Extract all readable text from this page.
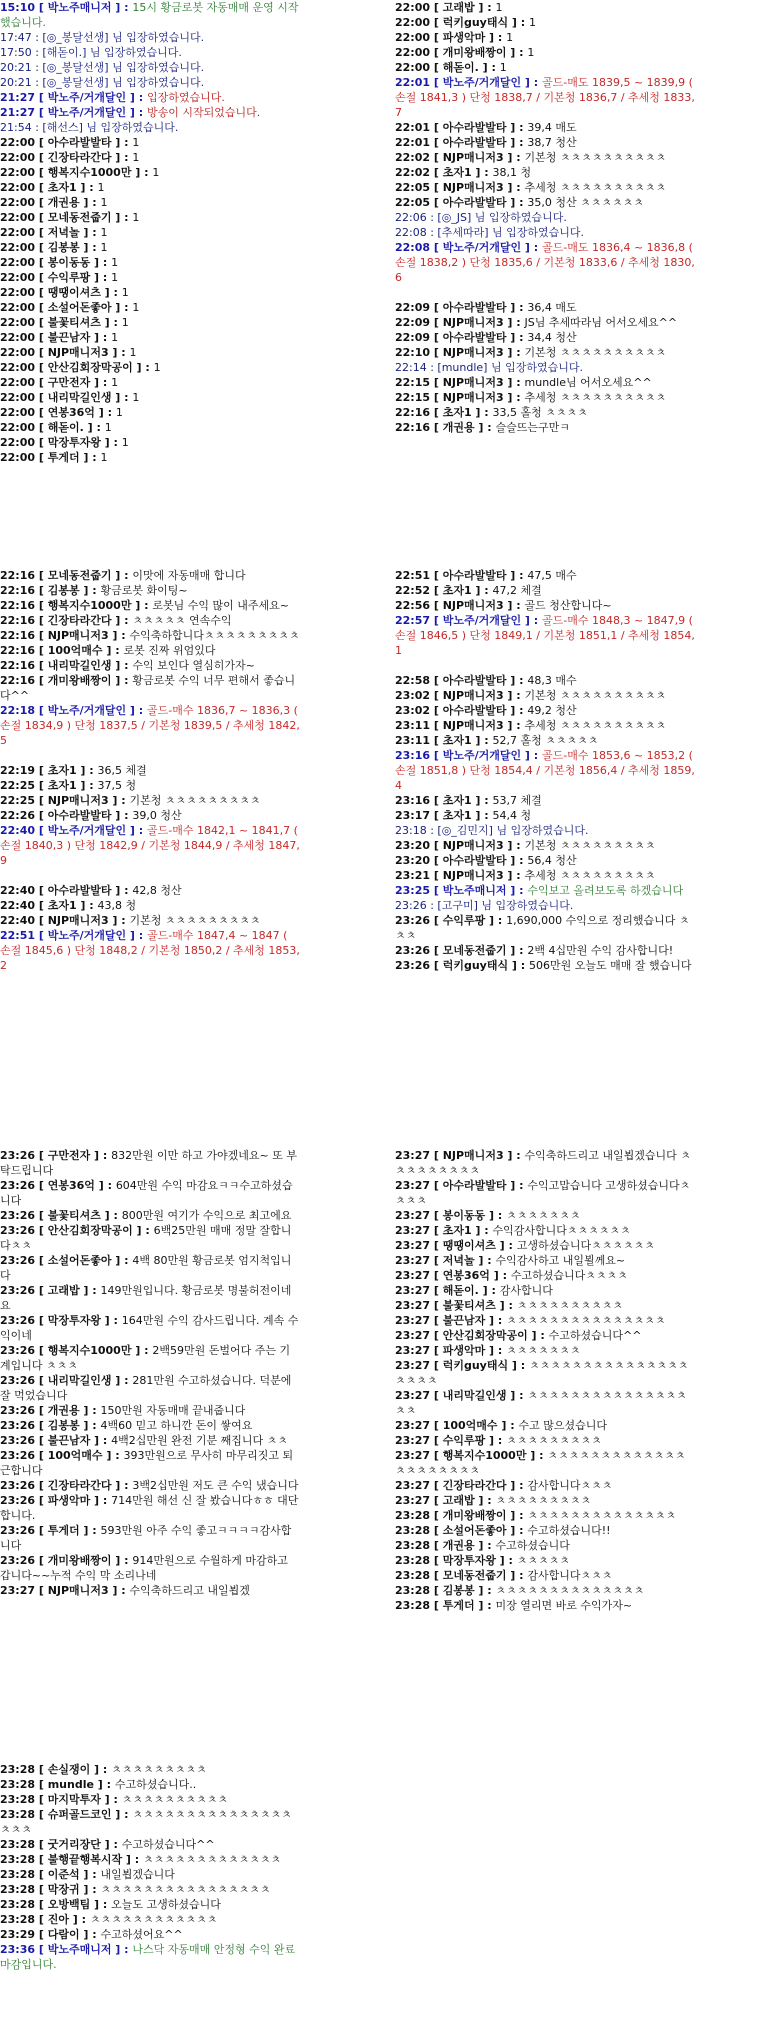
15:10 [ 박노주매니저 ] : 15시 황금로봇 자동매매 운영 시작했습니다.
17:47 : [◎_봉달선생] 님 입장하였습니다.
17:50 : [해돋이.] 님 입장하였습니다.
20:21 : [◎_봉달선생] 님 입장하였습니다.
20:21 : [◎_봉달선생] 님 입장하였습니다.
21:27 [ 박노주/거개달인 ] : 입장하였습니다.
21:27 [ 박노주/거개달인 ] : 방송이 시작되었습니다.
21:54 : [해선스] 님 입장하였습니다.
22:00 [ 아수라발발타 ] : 1
22:00 [ 긴장타라간다 ] : 1
22:00 [ 행복지수1000만 ] : 1
22:00 [ 초자1 ] : 1
22:00 [ 개권용 ] : 1
22:00 [ 모네동전줍기 ] : 1
22:00 [ 저녁놀 ] : 1
22:00 [ 김봉봉 ] : 1
22:00 [ 봉이동동 ] : 1
22:00 [ 수익루팡 ] : 1
22:00 [ 땡땡이셔츠 ] : 1
22:00 [ 소설어돈좋아 ] : 1
22:00 [ 불꽃티셔츠 ] : 1
22:00 [ 불끈남자 ] : 1
22:00 [ NJP매니저3 ] : 1
22:00 [ 안산김회장막공이 ] : 1
22:00 [ 구만전자 ] : 1
22:00 [ 내리막길인생 ] : 1
22:00 [ 연봉36억 ] : 1
22:00 [ 해돋이. ] : 1
22:00 [ 막장투자왕 ] : 1
22:00 [ 투게더 ] : 1
22:00 [ 고래밥 ] : 1
22:00 [ 럭키guy태식 ] : 1
22:00 [ 파생악마 ] : 1
22:00 [ 개미왕배짱이 ] : 1
22:00 [ 해돋이. ] : 1
22:01 [ 박노주/거개달인 ] : 골드-매도 1839,5 ~ 1839,9 ( 손절 1841,3 ) 단청 1838,7 / 기본청 1836,7 / 추세청 1833,7
22:01 [ 아수라발발타 ] : 39,4 매도
22:01 [ 아수라발발타 ] : 38,7 청산
22:02 [ NJP매니저3 ] : 기본청 ㅊㅊㅊㅊㅊㅊㅊㅊㅊㅊ
22:02 [ 초자1 ] : 38,1 청
22:05 [ NJP매니저3 ] : 추세청 ㅊㅊㅊㅊㅊㅊㅊㅊㅊㅊ
22:05 [ 아수라발발타 ] : 35,0 청산 ㅊㅊㅊㅊㅊㅊ
22:06 : [◎_JS] 님 입장하였습니다.
22:08 : [추세따라] 님 입장하였습니다.
22:08 [ 박노주/거개달인 ] : 골드-매도 1836,4 ~ 1836,8 ( 손절 1838,2 ) 단청 1835,6 / 기본청 1833,6 / 추세청 1830,6
22:09 [ 아수라발발타 ] : 36,4 매도
22:09 [ NJP매니저3 ] : JS님 추세따라님 어서오세요^^
22:09 [ 아수라발발타 ] : 34,4 청산
22:10 [ NJP매니저3 ] : 기본청 ㅊㅊㅊㅊㅊㅊㅊㅊㅊㅊ
22:14 : [mundle] 님 입장하였습니다.
22:15 [ NJP매니저3 ] : mundle님 어서오세요^^
22:15 [ NJP매니저3 ] : 추세청 ㅊㅊㅊㅊㅊㅊㅊㅊㅊㅊ
22:16 [ 초자1 ] : 33,5 홀청 ㅊㅊㅊㅊ
22:16 [ 개권용 ] : 슬슬뜨는구만ㅋ
22:16 [ 모네동전줍기 ] : 이맛에 자동매매 합니다
22:16 [ 김봉봉 ] : 황금로봇 화이팅~
22:16 [ 행복지수1000만 ] : 로봇님 수익 많이 내주세요~
22:16 [ 긴장타라간다 ] : ㅊㅊㅊㅊㅊ 연속수익
22:16 [ NJP매니저3 ] : 수익축하합니다ㅊㅊㅊㅊㅊㅊㅊㅊㅊ
22:16 [ 100억매수 ] : 로봇 진짜 위엄있다
22:16 [ 내리막길인생 ] : 수익 보인다 열심히가자~
22:16 [ 개미왕배짱이 ] : 황금로봇 수익 너무 편해서 좋습니다^^
22:18 [ 박노주/거개달인 ] : 골드-매수 1836,7 ~ 1836,3 ( 손절 1834,9 ) 단청 1837,5 / 기본청 1839,5 / 추세청 1842,5
22:19 [ 초자1 ] : 36,5 체결
22:25 [ 초자1 ] : 37,5 청
22:25 [ NJP매니저3 ] : 기본청 ㅊㅊㅊㅊㅊㅊㅊㅊㅊ
22:26 [ 아수라발발타 ] : 39,0 청산
22:40 [ 박노주/거개달인 ] : 골드-매수 1842,1 ~ 1841,7 ( 손절 1840,3 ) 단청 1842,9 / 기본청 1844,9 / 추세청 1847,9
22:40 [ 아수라발발타 ] : 42,8 청산
22:40 [ 초자1 ] : 43,8 청
22:40 [ NJP매니저3 ] : 기본청 ㅊㅊㅊㅊㅊㅊㅊㅊㅊ
22:51 [ 박노주/거개달인 ] : 골드-매수 1847,4 ~ 1847 ( 손절 1845,6 ) 단청 1848,2 / 기본청 1850,2 / 추세청 1853,2
22:51 [ 아수라발발타 ] : 47,5 매수
22:52 [ 초자1 ] : 47,2 체결
22:56 [ NJP매니저3 ] : 골드 청산합니다~
22:57 [ 박노주/거개달인 ] : 골드-매수 1848,3 ~ 1847,9 ( 손절 1846,5 ) 단청 1849,1 / 기본청 1851,1 / 추세청 1854,1
22:58 [ 아수라발발타 ] : 48,3 매수
23:02 [ NJP매니저3 ] : 기본청 ㅊㅊㅊㅊㅊㅊㅊㅊㅊㅊ
23:02 [ 아수라발발타 ] : 49,2 청산
23:11 [ NJP매니저3 ] : 추세청 ㅊㅊㅊㅊㅊㅊㅊㅊㅊㅊ
23:11 [ 초자1 ] : 52,7 홀청 ㅊㅊㅊㅊㅊ
23:16 [ 박노주/거개달인 ] : 골드-매수 1853,6 ~ 1853,2 ( 손절 1851,8 ) 단청 1854,4 / 기본청 1856,4 / 추세청 1859,4
23:16 [ 초자1 ] : 53,7 체결
23:17 [ 초자1 ] : 54,4 청
23:18 : [◎_김민지] 님 입장하였습니다.
23:20 [ NJP매니저3 ] : 기본청 ㅊㅊㅊㅊㅊㅊㅊㅊㅊ
23:20 [ 아수라발발타 ] : 56,4 청산
23:21 [ NJP매니저3 ] : 추세청 ㅊㅊㅊㅊㅊㅊㅊㅊㅊ
23:25 [ 박노주매니저 ] : 수익보고 올려보도록 하겠습니다
23:26 : [고구미] 님 입장하였습니다.
23:26 [ 수익루팡 ] : 1,690,000 수익으로 정리했습니다 ㅊㅊㅊ
23:26 [ 모네동전줍기 ] : 2백 4십만원 수익 감사합니다!
23:26 [ 럭키guy태식 ] : 506만원 오늘도 매매 잘 했습니다
23:26 [ 구만전자 ] : 832만원 이만 하고 가야겠네요~ 또 부탁드립니다
23:26 [ 연봉36억 ] : 604만원 수익 마감요ㅋㅋ수고하셨습니다
23:26 [ 불꽃티셔츠 ] : 800만원 여기가 수익으로 최고에요
23:26 [ 안산김회장막공이 ] : 6백25만원 매매 정말 잘합니다ㅊㅊ
23:26 [ 소설어돈좋아 ] : 4백 80만원 황금로봇 엄지척입니다
23:26 [ 고래밥 ] : 149만원입니다. 황금로봇 명불허전이네요
23:26 [ 막장투자왕 ] : 164만원 수익 감사드립니다. 계속 수익이네
23:26 [ 행복지수1000만 ] : 2백59만원 돈벌어다 주는 기계입니다 ㅊㅊㅊ
23:26 [ 내리막길인생 ] : 281만원 수고하셨습니다. 덕분에 잘 먹었습니다
23:26 [ 개권용 ] : 150만원 자동매매 끝내줍니다
23:26 [ 김봉봉 ] : 4백60 믿고 하니깐 돈이 쌓여요
23:26 [ 불끈남자 ] : 4백2십만원 완전 기분 째집니다 ㅊㅊ
23:26 [ 100억매수 ] : 393만원으로 무사히 마무리짓고 퇴근합니다
23:26 [ 긴장타라간다 ] : 3백2십만원 저도 큰 수익 냈습니다
23:26 [ 파생악마 ] : 714만원 해선 신 잘 봤습니다ㅎㅎ 대단합니다.
23:26 [ 투게더 ] : 593만원 아주 수익 좋고ㅋㅋㅋㅋ감사합니다
23:26 [ 개미왕배짱이 ] : 914만원으로 수월하게 마감하고 갑니다~~누적 수익 막 소리나네
23:27 [ NJP매니저3 ] : 수익축하드리고 내일뵙겠
23:27 [ NJP매니저3 ] : 수익축하드리고 내일뵙겠습니다 ㅊㅊㅊㅊㅊㅊㅊㅊㅊ
23:27 [ 아수라발발타 ] : 수익고맙습니다 고생하셨습니다ㅊㅊㅊㅊ
23:27 [ 봉이동동 ] : ㅊㅊㅊㅊㅊㅊㅊ
23:27 [ 초자1 ] : 수익감사합니다ㅊㅊㅊㅊㅊㅊ
23:27 [ 땡땡이셔츠 ] : 고생하셨습니다ㅊㅊㅊㅊㅊㅊ
23:27 [ 저녁놀 ] : 수익감사하고 내일뵐께요~
23:27 [ 연봉36억 ] : 수고하셨습니다ㅊㅊㅊㅊ
23:27 [ 해돋이. ] : 감사합니다
23:27 [ 불꽃티셔츠 ] : ㅊㅊㅊㅊㅊㅊㅊㅊㅊㅊ
23:27 [ 불끈남자 ] : ㅊㅊㅊㅊㅊㅊㅊㅊㅊㅊㅊㅊㅊㅊㅊ
23:27 [ 안산김회장막공이 ] : 수고하셨습니다^^
23:27 [ 파생악마 ] : ㅊㅊㅊㅊㅊㅊㅊ
23:27 [ 럭키guy태식 ] : ㅊㅊㅊㅊㅊㅊㅊㅊㅊㅊㅊㅊㅊㅊㅊㅊㅊㅊㅊ
23:27 [ 내리막길인생 ] : ㅊㅊㅊㅊㅊㅊㅊㅊㅊㅊㅊㅊㅊㅊㅊㅊㅊ
23:27 [ 100억매수 ] : 수고 많으셨습니다
23:27 [ 수익루팡 ] : ㅊㅊㅊㅊㅊㅊㅊㅊㅊ
23:27 [ 행복지수1000만 ] : ㅊㅊㅊㅊㅊㅊㅊㅊㅊㅊㅊㅊㅊㅊㅊㅊㅊㅊㅊㅊㅊ
23:27 [ 긴장타라간다 ] : 감사합니다ㅊㅊㅊ
23:27 [ 고래밥 ] : ㅊㅊㅊㅊㅊㅊㅊㅊㅊ
23:28 [ 개미왕배짱이 ] : ㅊㅊㅊㅊㅊㅊㅊㅊㅊㅊㅊㅊㅊㅊ
23:28 [ 소설어돈좋아 ] : 수고하셨습니다!!
23:28 [ 개권용 ] : 수고하셨습니다
23:28 [ 막장투자왕 ] : ㅊㅊㅊㅊㅊ
23:28 [ 모네동전줍기 ] : 감사합니다ㅊㅊㅊ
23:28 [ 김봉봉 ] : ㅊㅊㅊㅊㅊㅊㅊㅊㅊㅊㅊㅊㅊㅊ
23:28 [ 투게더 ] : 미장 열리면 바로 수익가자~
23:28 [ 손실쟁이 ] : ㅊㅊㅊㅊㅊㅊㅊㅊㅊ
23:28 [ mundle ] : 수고하셨습니다..
23:28 [ 마지막투자 ] : ㅊㅊㅊㅊㅊㅊㅊㅊㅊㅊ
23:28 [ 슈퍼골드코인 ] : ㅊㅊㅊㅊㅊㅊㅊㅊㅊㅊㅊㅊㅊㅊㅊㅊㅊㅊ
23:28 [ 굿거리장단 ] : 수고하셨습니다^^
23:28 [ 불행끝행복시작 ] : ㅊㅊㅊㅊㅊㅊㅊㅊㅊㅊㅊㅊㅊ
23:28 [ 이준석 ] : 내일뵙겠습니다
23:28 [ 막장귀 ] : ㅊㅊㅊㅊㅊㅊㅊㅊㅊㅊㅊㅊㅊㅊㅊㅊ
23:28 [ 오방백팀 ] : 오늘도 고생하셨습니다
23:28 [ 진아 ] : ㅊㅊㅊㅊㅊㅊㅊㅊㅊㅊㅊㅊ
23:29 [ 다람이 ] : 수고하셨어요^^
23:36 [ 박노주매니저 ] : 나스닥 자동매매 안정형 수익 완료 마감입니다.
